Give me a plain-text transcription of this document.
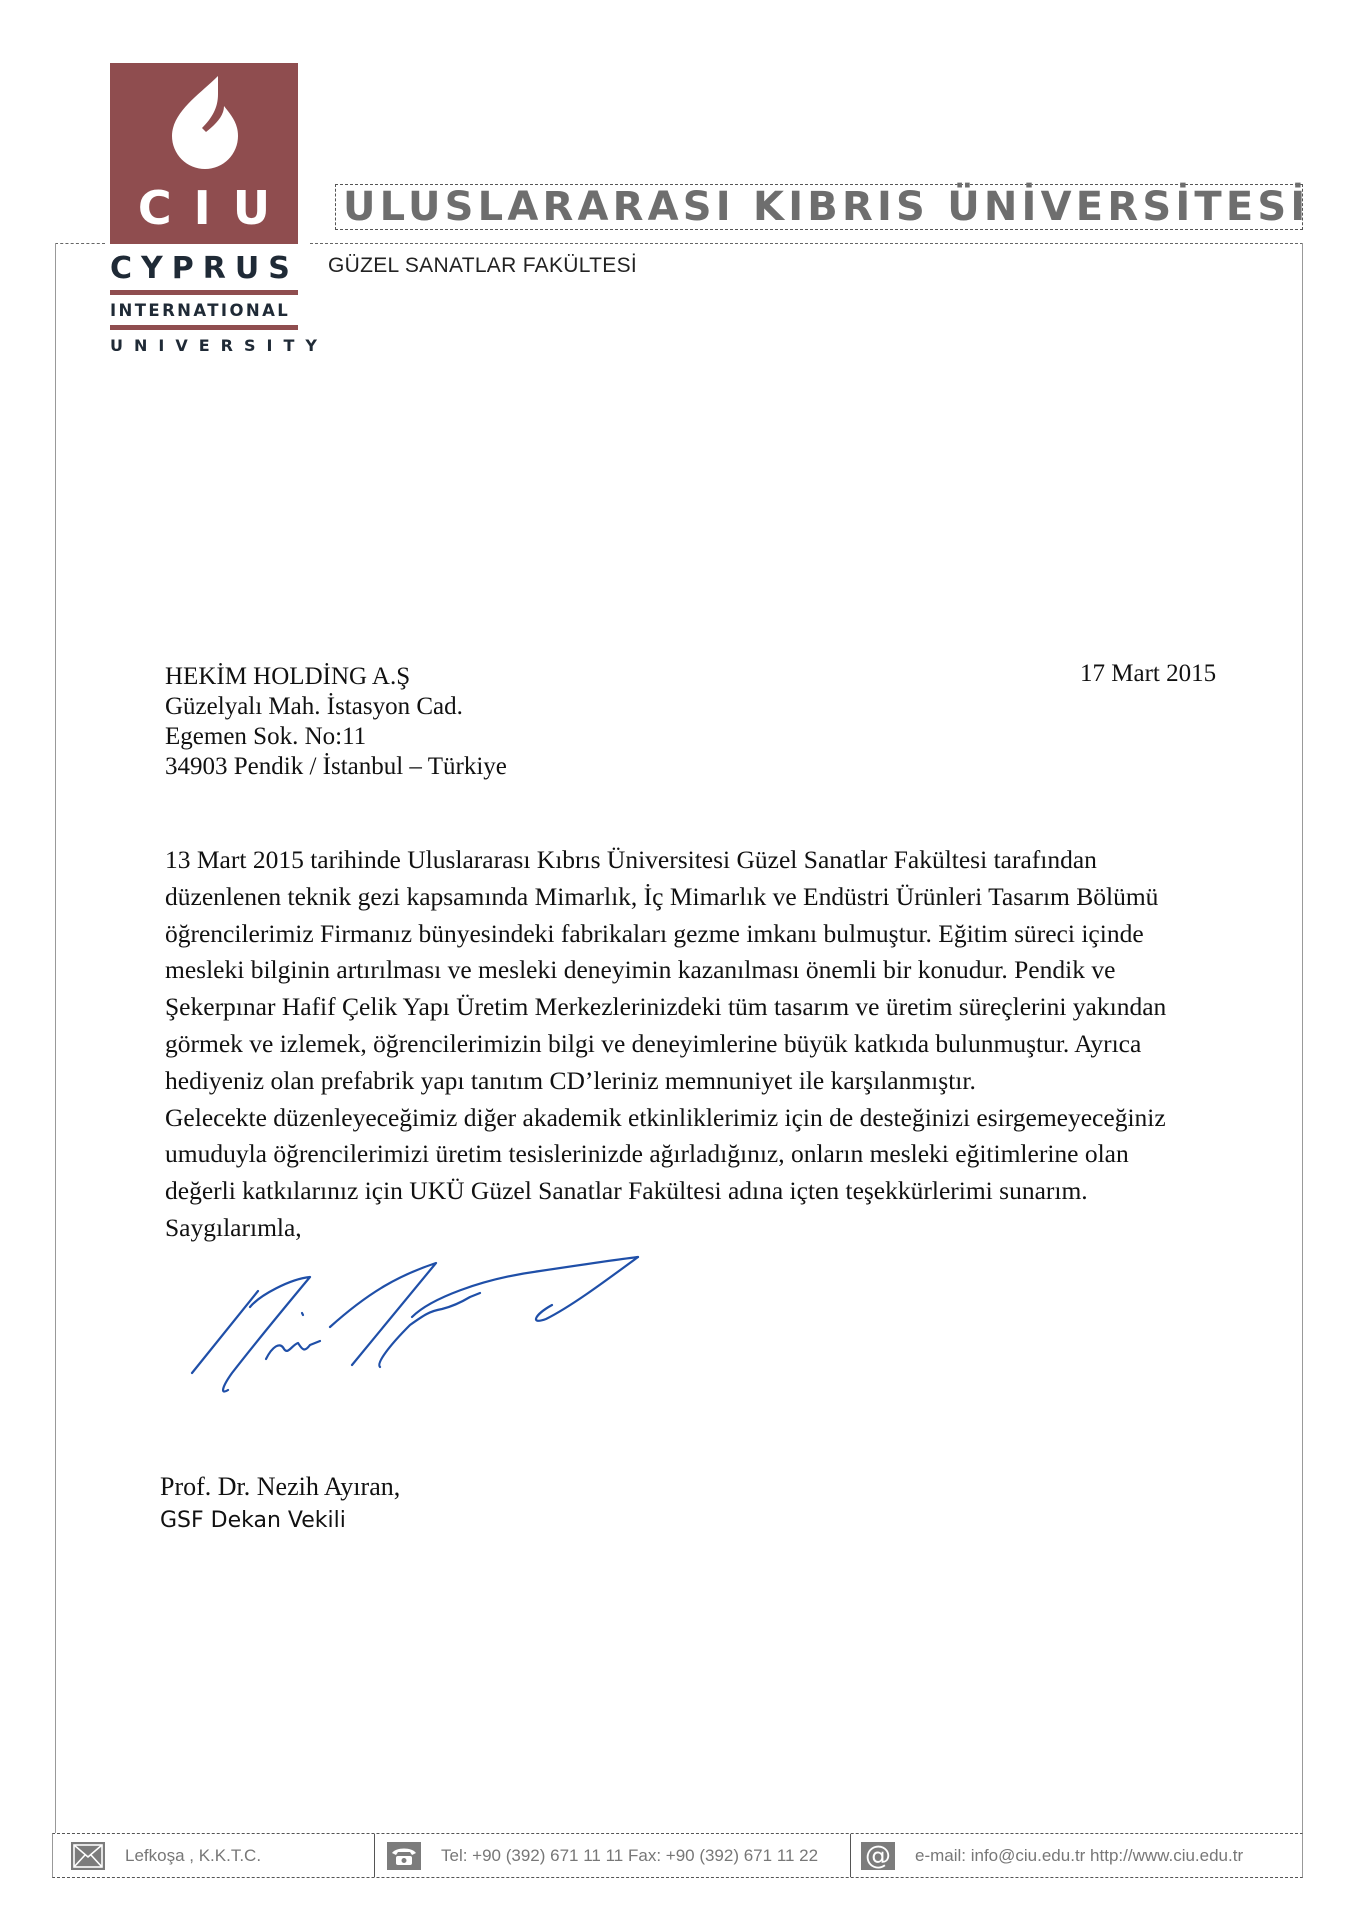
CIU
CYPRUS
INTERNATIONAL
UNIVERSITY
ULUSLARARASI KIBRIS ÜNİVERSİTESİ
GÜZEL SANATLAR FAKÜLTESİ
HEKİM HOLDİNG A.Ş
Güzelyalı Mah. İstasyon Cad.
Egemen Sok. No:11
34903 Pendik / İstanbul – Türkiye
17 Mart 2015
13 Mart 2015 tarihinde Uluslararası Kıbrıs Üniversitesi Güzel Sanatlar Fakültesi tarafından
düzenlenen teknik gezi kapsamında Mimarlık, İç Mimarlık ve Endüstri Ürünleri Tasarım Bölümü
öğrencilerimiz Firmanız bünyesindeki fabrikaları gezme imkanı bulmuştur. Eğitim süreci içinde
mesleki bilginin artırılması ve mesleki deneyimin kazanılması önemli bir konudur. Pendik ve
Şekerpınar Hafif Çelik Yapı Üretim Merkezlerinizdeki tüm tasarım ve üretim süreçlerini yakından
görmek ve izlemek, öğrencilerimizin bilgi ve deneyimlerine büyük katkıda bulunmuştur. Ayrıca
hediyeniz olan prefabrik yapı tanıtım CD’leriniz memnuniyet ile karşılanmıştır.
Gelecekte düzenleyeceğimiz diğer akademik etkinliklerimiz için de desteğinizi esirgemeyeceğiniz
umuduyla öğrencilerimizi üretim tesislerinizde ağırladığınız, onların mesleki eğitimlerine olan
değerli katkılarınız için UKÜ Güzel Sanatlar Fakültesi adına içten teşekkürlerimi sunarım.
Saygılarımla,
Prof. Dr. Nezih Ayıran,
GSF Dekan Vekili
Lefkoşa , K.K.T.C.	Tel: +90 (392) 671 11 11 Fax: +90 (392) 671 11 22 @ e-mail: info@ciu.edu.tr http://www.ciu.edu.tr
